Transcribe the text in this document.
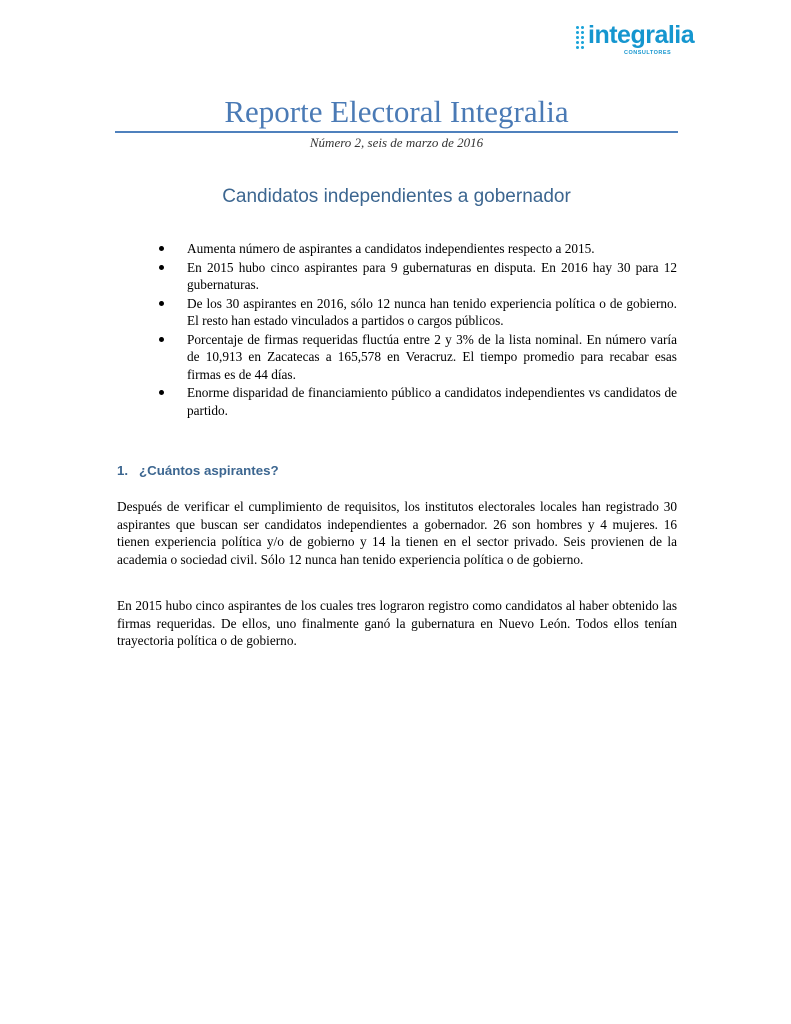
integralia
CONSULTORES
Reporte Electoral Integralia
Número 2, seis de marzo de 2016
Candidatos independientes a gobernador
Aumenta número de aspirantes a candidatos independientes respecto a 2015.
En 2015 hubo cinco aspirantes para 9 gubernaturas en disputa. En 2016 hay 30 para 12 gubernaturas.
De los 30 aspirantes en 2016, sólo 12 nunca han tenido experiencia política o de gobierno. El resto han estado vinculados a partidos o cargos públicos.
Porcentaje de firmas requeridas fluctúa entre 2 y 3% de la lista nominal. En número varía de 10,913 en Zacatecas a 165,578 en Veracruz. El tiempo promedio para recabar esas firmas es de 44 días.
Enorme disparidad de financiamiento público a candidatos independientes vs candidatos de partido.
1. ¿Cuántos aspirantes?

Después de verificar el cumplimiento de requisitos, los institutos electorales locales han registrado 30 aspirantes que buscan ser candidatos independientes a gobernador. 26 son hombres y 4 mujeres. 16 tienen experiencia política y/o de gobierno y 14 la tienen en el sector privado. Seis provienen de la academia o sociedad civil. Sólo 12 nunca han tenido experiencia política o de gobierno.

En 2015 hubo cinco aspirantes de los cuales tres lograron registro como candidatos al haber obtenido las firmas requeridas. De ellos, uno finalmente ganó la gubernatura en Nuevo León. Todos ellos tenían trayectoria política o de gobierno.
